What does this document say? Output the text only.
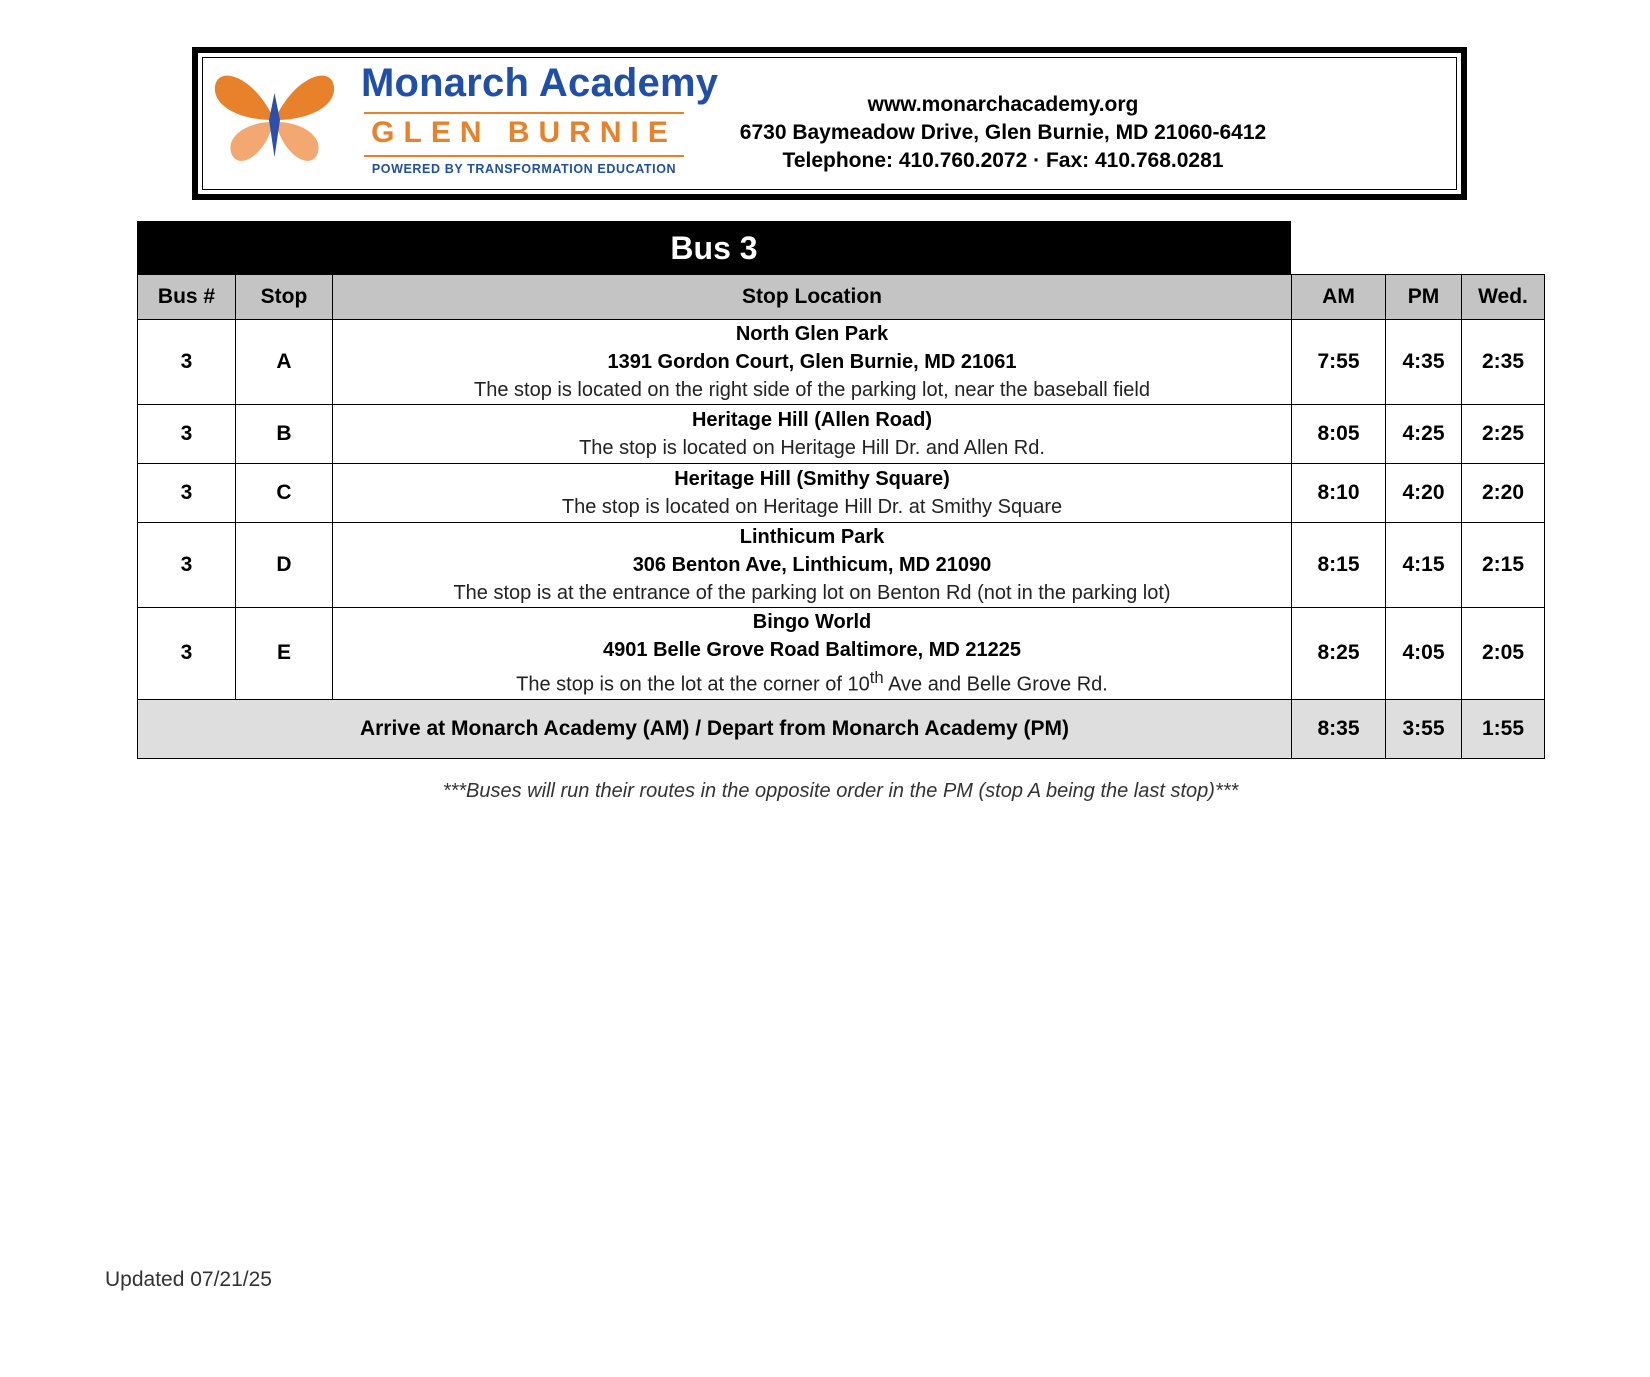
Monarch Academy
GLEN BURNIE
POWERED BY TRANSFORMATION EDUCATION
www.monarchacademy.org
6730 Baymeadow Drive, Glen Burnie, MD 21060-6412
Telephone: 410.760.2072 · Fax: 410.768.0281
Bus 3
Bus #	Stop	Stop Location	AM	PM	Wed.
3	A	North Glen Park
1391 Gordon Court, Glen Burnie, MD 21061
The stop is located on the right side of the parking lot, near the baseball field	7:55	4:35	2:35
3	B	Heritage Hill (Allen Road)
The stop is located on Heritage Hill Dr. and Allen Rd.	8:05	4:25	2:25
3	C	Heritage Hill (Smithy Square)
The stop is located on Heritage Hill Dr. at Smithy Square	8:10	4:20	2:20
3	D	Linthicum Park
306 Benton Ave, Linthicum, MD 21090
The stop is at the entrance of the parking lot on Benton Rd (not in the parking lot)	8:15	4:15	2:15
3	E	Bingo World
4901 Belle Grove Road Baltimore, MD 21225
The stop is on the lot at the corner of 10th Ave and Belle Grove Rd.	8:25	4:05	2:05
Arrive at Monarch Academy (AM) / Depart from Monarch Academy (PM)			8:35	3:55	1:55
***Buses will run their routes in the opposite order in the PM (stop A being the last stop)***
Updated 07/21/25
